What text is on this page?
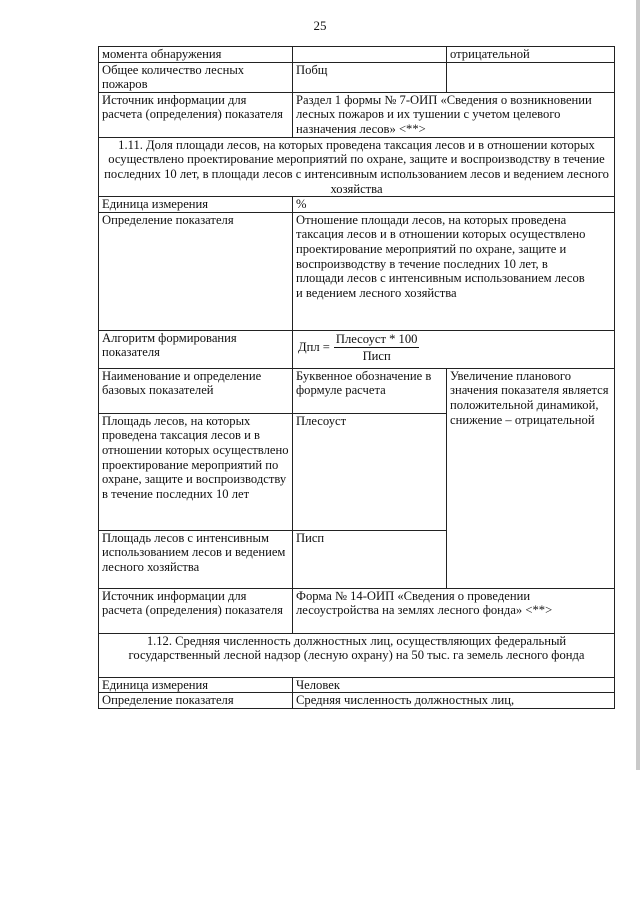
25
момента обнаружения		отрицательной
Общее количество лесных пожаров	Побщ	
Источник информации для расчета (определения) показателя	Раздел 1 формы № 7-ОИП «Сведения о возникновении лесных пожаров и их тушении с учетом целевого назначения лесов» <**>	
1.11. Доля площади лесов, на которых проведена таксация лесов и в отношении которых осуществлено проектирование мероприятий по охране, защите и воспроизводству в течение последних 10 лет, в площади лесов с интенсивным использованием лесов и ведением лесного хозяйства		
Единица измерения	%	
Определение показателя	Отношение площади лесов, на которых проведена таксация лесов и в отношении которых осуществлено проектирование мероприятий по охране, защите и воспроизводству в течение последних 10 лет, в площади лесов с интенсивным использованием лесов и ведением лесного хозяйства	

Алгоритм формирования показателя	Дпл = $\frac{\text{Плесоуст * 100}}{\text{Писп}}$

Наименование и определение базовых показателей	Буквенное обозначение в формуле расчета	Увеличение планового значения показателя является положительной динамикой, снижение – отрицательной
Площадь лесов, на которых проведена таксация лесов и в отношении которых осуществлено проектирование мероприятий по охране, защите и воспроизводству в течение последних 10 лет	Плесоуст	
Площадь лесов с интенсивным использованием лесов и ведением лесного хозяйства	Писп	
Источник информации для расчета (определения) показателя	Форма № 14-ОИП «Сведения о проведении лесоустройства на землях лесного фонда» <**>	

1.12. Средняя численность должностных лиц, осуществляющих федеральный государственный лесной надзор (лесную охрану) на 50 тыс. га земель лесного фонда		
Единица измерения	Человек	
Определение показателя	Средняя численность должностных лиц,	
